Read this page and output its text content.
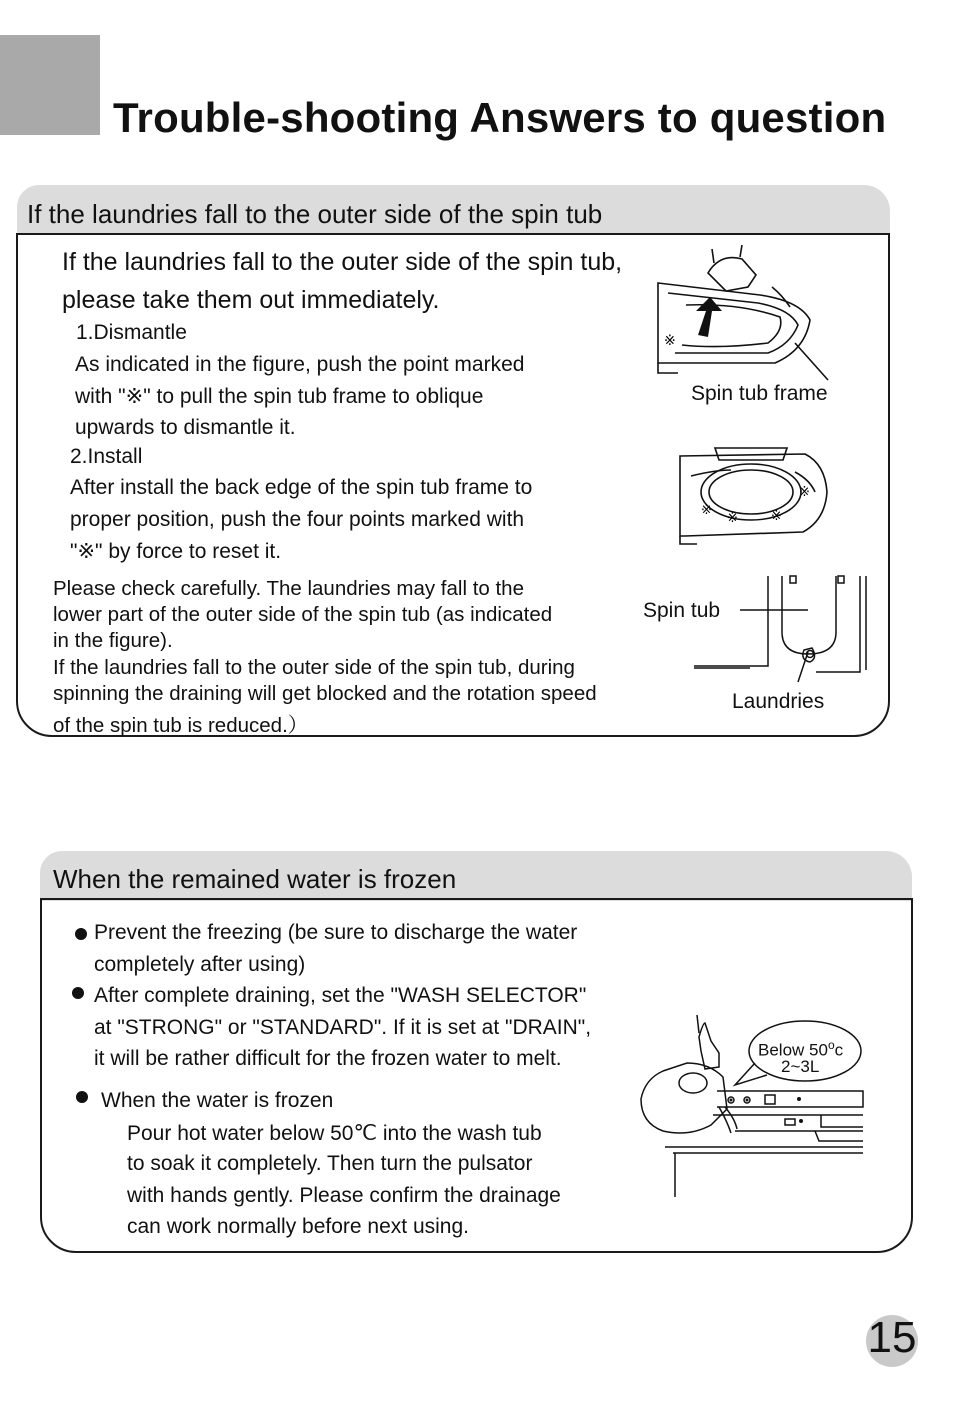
Trouble-shooting Answers to question
If the laundries fall to the outer side of the spin tub
If the laundries fall to the outer side of the spin tub,
please take them out immediately.
1.Dismantle
As indicated in the figure, push the point marked
with "※" to pull the spin tub frame to oblique
upwards to dismantle it.
2.Install
After install the back edge of the spin tub frame to
proper position, push the four points marked with
"※" by force to reset it.
Please check carefully. The laundries may fall to the
lower part of the outer side of the spin tub (as indicated
in the figure).
If the laundries fall to the outer side of the spin tub, during
spinning the draining will get blocked and the rotation speed
of the spin tub is reduced.）
※
Spin tub frame
※
※	※
※
Spin tub
Laundries
When the remained water is frozen
Prevent the freezing (be sure to discharge the water
completely after using)
After complete draining, set the "WASH SELECTOR"
at "STRONG" or "STANDARD". If it is set at "DRAIN",
it will be rather difficult for the frozen water to melt.
When the water is frozen
Pour hot water below 50℃ into the wash tub
to soak it completely. Then turn the pulsator
with hands gently. Please confirm the drainage
can work normally before next using.
Below 50$^o$c
2~3L
15
